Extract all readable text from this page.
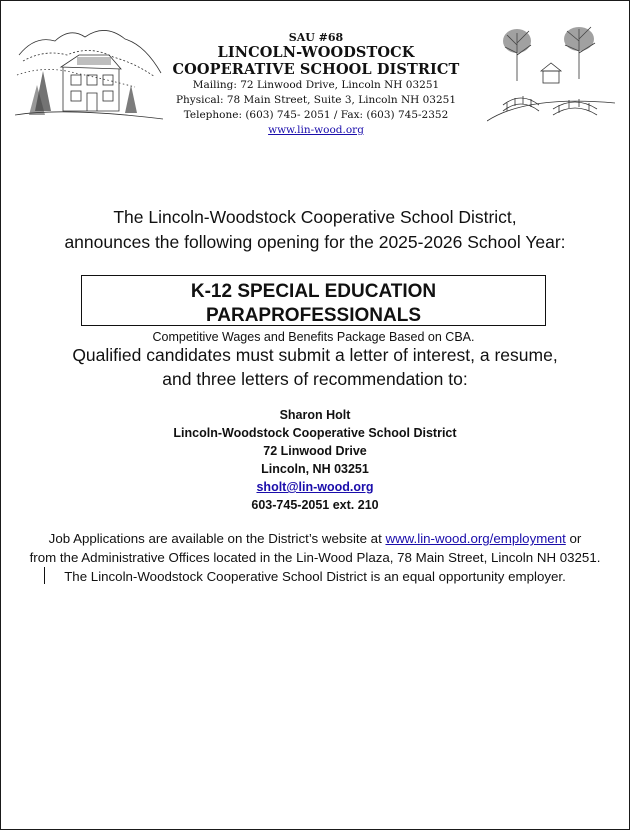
SAU #68
LINCOLN-WOODSTOCK
COOPERATIVE SCHOOL DISTRICT
Mailing: 72 Linwood Drive, Lincoln NH 03251
Physical: 78 Main Street, Suite 3, Lincoln NH 03251
Telephone: (603) 745- 2051 / Fax: (603) 745-2352
www.lin-wood.org
The Lincoln-Woodstock Cooperative School District,
announces the following opening for the 2025-2026 School Year:
K-12 SPECIAL EDUCATION PARAPROFESSIONALS
Competitive Wages and Benefits Package Based on CBA.
Qualified candidates must submit a letter of interest, a resume,
and three letters of recommendation to:
Sharon Holt
Lincoln-Woodstock Cooperative School District
72 Linwood Drive
Lincoln, NH 03251
sholt@lin-wood.org
603-745-2051 ext. 210
Job Applications are available on the District’s website at www.lin-wood.org/employment or
from the Administrative Offices located in the Lin-Wood Plaza, 78 Main Street, Lincoln NH 03251.
The Lincoln-Woodstock Cooperative School District is an equal opportunity employer.
